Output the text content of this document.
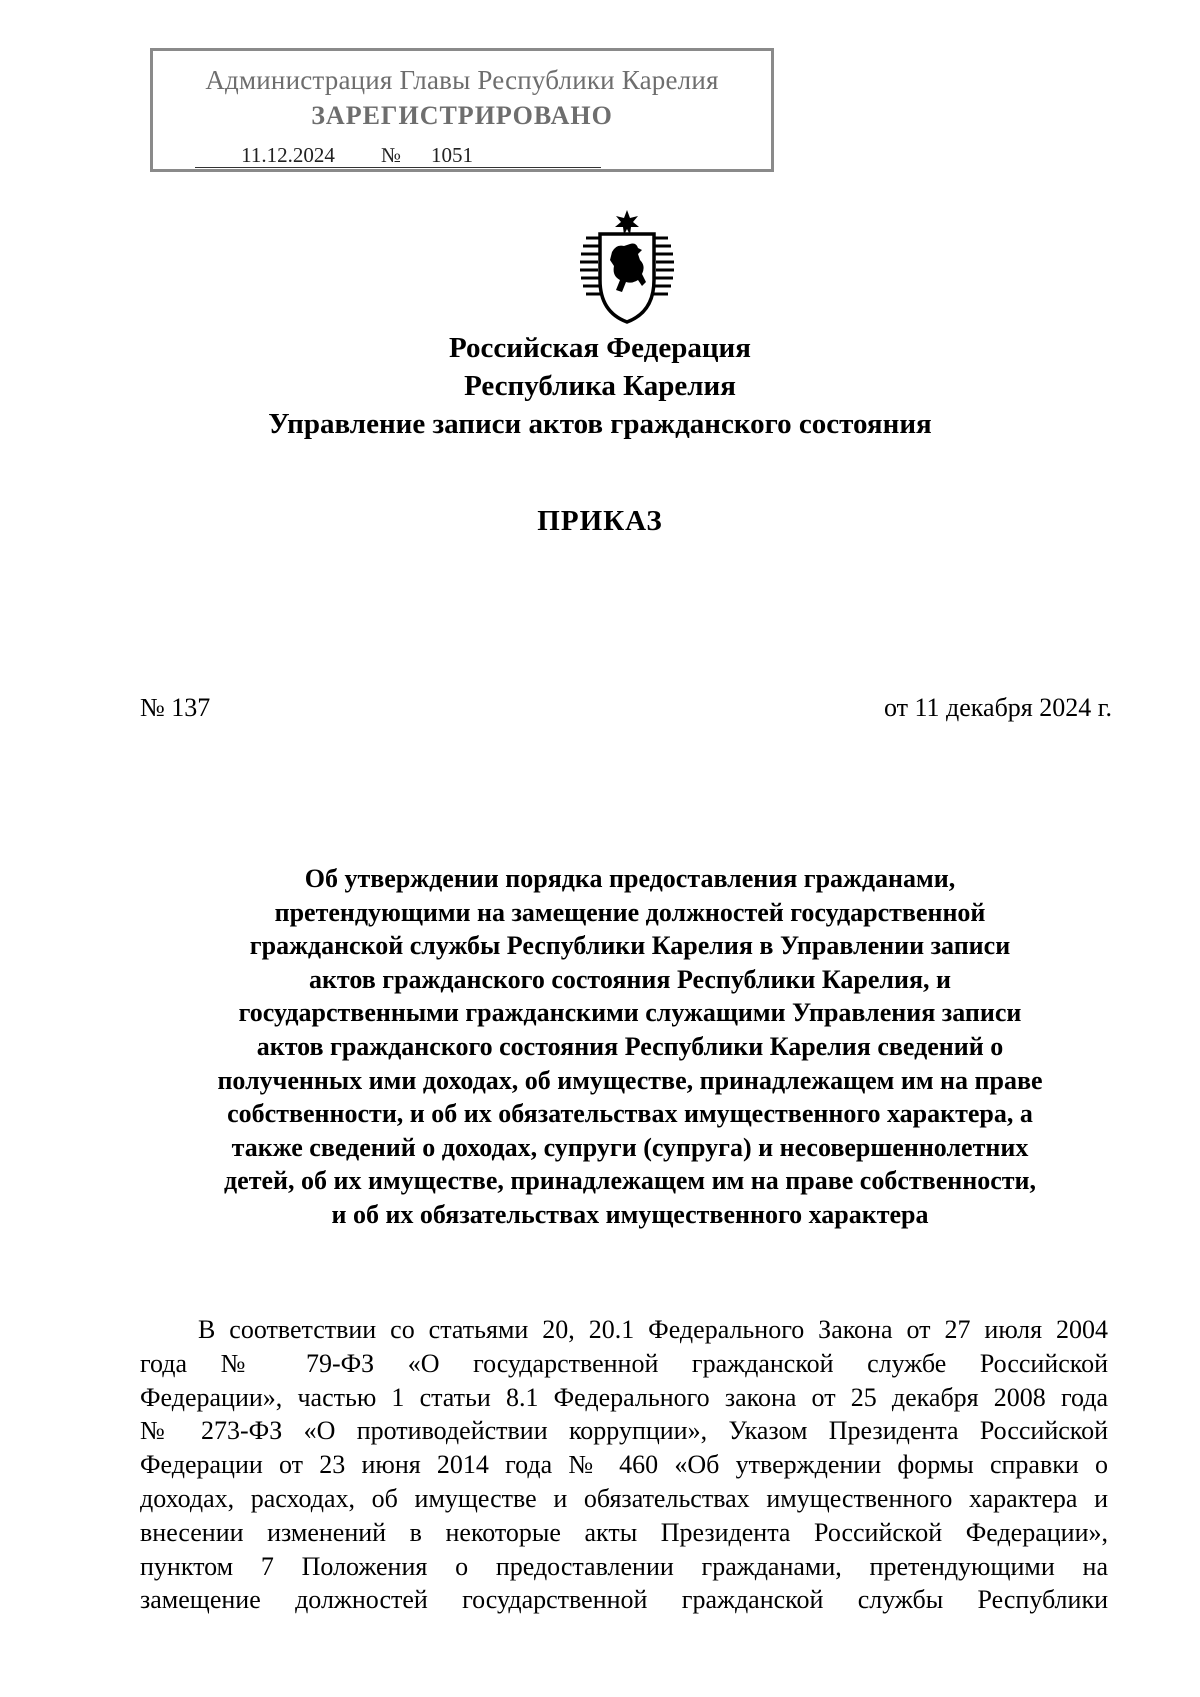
Администрация Главы Республики Карелия
ЗАРЕГИСТРИРОВАНО
11.12.2024 № 1051
Российская Федерация
Республика Карелия
Управление записи актов гражданского состояния
ПРИКАЗ
№ 137	от 11 декабря 2024 г.
Об утверждении порядка предоставления гражданами,
претендующими на замещение должностей государственной
гражданской службы Республики Карелия в Управлении записи
актов гражданского состояния Республики Карелия, и
государственными гражданскими служащими Управления записи
актов гражданского состояния Республики Карелия сведений о
полученных ими доходах, об имуществе, принадлежащем им на праве
собственности, и об их обязательствах имущественного характера, а
также сведений о доходах, супруги (супруга) и несовершеннолетних
детей, об их имуществе, принадлежащем им на праве собственности,
и об их обязательствах имущественного характера
В соответствии со статьями 20, 20.1 Федерального Закона от 27 июля 2004
года № 79-ФЗ «О государственной гражданской службе Российской
Федерации», частью 1 статьи 8.1 Федерального закона от 25 декабря 2008 года
№ 273-ФЗ «О противодействии коррупции», Указом Президента Российской
Федерации от 23 июня 2014 года № 460 «Об утверждении формы справки о
доходах, расходах, об имуществе и обязательствах имущественного характера и
внесении изменений в некоторые акты Президента Российской Федерации»,
пунктом 7 Положения о предоставлении гражданами, претендующими на
замещение должностей государственной гражданской службы Республики
